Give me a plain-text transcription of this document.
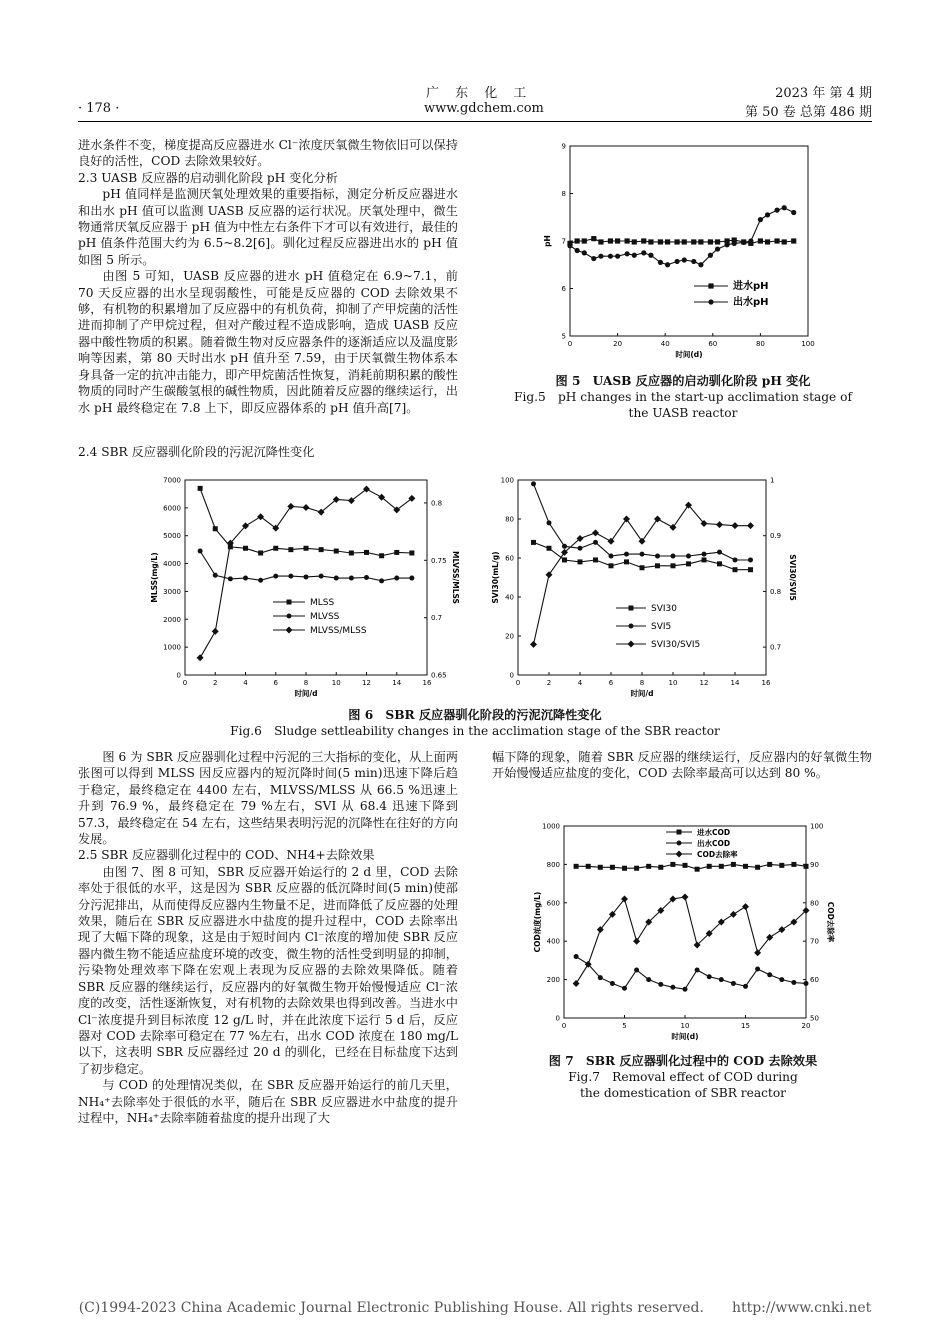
广 东 化 工	2023 年 第 4 期
· 178 ·	www.gdchem.com	第 50 卷 总第 486 期

进水条件不变，梯度提高反应器进水 Cl⁻浓度厌氧微生物依旧可以保持良好的活性，COD 去除效果较好。

2.3 UASB 反应器的启动驯化阶段 pH 变化分析

pH 值同样是监测厌氧处理效果的重要指标，测定分析反应器进水和出水 pH 值可以监测 UASB 反应器的运行状况。厌氧处理中，微生物通常厌氧反应器于 pH 值为中性左右条件下才可以有效进行，最佳的 pH 值条件范围大约为 6.5~8.2[6]。驯化过程反应器进出水的 pH 值如图 5 所示。

由图 5 可知，UASB 反应器的进水 pH 值稳定在 6.9~7.1，前 70 天反应器的出水呈现弱酸性，可能是反应器的 COD 去除效果不够，有机物的积累增加了反应器中的有机负荷，抑制了产甲烷菌的活性进而抑制了产甲烷过程，但对产酸过程不造成影响，造成 UASB 反应器中酸性物质的积累。随着微生物对反应器条件的逐渐适应以及温度影响等因素，第 80 天时出水 pH 值升至 7.59，由于厌氧微生物体系本身具备一定的抗冲击能力，即产甲烷菌活性恢复，消耗前期积累的酸性物质的同时产生碳酸氢根的碱性物质，因此随着反应器的继续运行，出水 pH 最终稳定在 7.8 上下，即反应器体系的 pH 值升高[7]。

0	20	40	60	80	100
5
6
7
8
9
时间(d)
pH
进水pH
出水pH
图 5　UASB 反应器的启动驯化阶段 pH 变化
Fig.5　pH changes in the start-up acclimation stage of
the UASB reactor
2.4 SBR 反应器驯化阶段的污泥沉降性变化
0	2	4	6	8	10	12	14	16
0
1000
2000
3000
4000
5000
6000
7000
0.65
0.7
0.75
0.8
时间/d
MLSS(mg/L)	MLVSS/MLSS
MLSS
MLVSS
MLVSS/MLSS
0	2	4	6	8	10	12	14	16
0
20
40
60
80
100
0.7
0.8
0.9
1
时间/d
SVI30(mL/g)	SVI30/SVI5
SVI30
SVI5
SVI30/SVI5
图 6　SBR 反应器驯化阶段的污泥沉降性变化
Fig.6　Sludge settleability changes in the acclimation stage of the SBR reactor

图 6 为 SBR 反应器驯化过程中污泥的三大指标的变化，从上面两张图可以得到 MLSS 因反应器内的短沉降时间(5 min)迅速下降后趋于稳定，最终稳定在 4400 左右，MLVSS/MLSS 从 66.5 %迅速上升到 76.9 %，最终稳定在 79 %左右，SVI 从 68.4 迅速下降到 57.3，最终稳定在 54 左右，这些结果表明污泥的沉降性在往好的方向发展。

2.5 SBR 反应器驯化过程中的 COD、NH4+去除效果

由图 7、图 8 可知，SBR 反应器开始运行的 2 d 里，COD 去除率处于很低的水平，这是因为 SBR 反应器的低沉降时间(5 min)使部分污泥排出，从而使得反应器内生物量不足，进而降低了反应器的处理效果，随后在 SBR 反应器进水中盐度的提升过程中，COD 去除率出现了大幅下降的现象，这是由于短时间内 Cl⁻浓度的增加使 SBR 反应器内微生物不能适应盐度环境的改变，微生物的活性受到明显的抑制，污染物处理效率下降在宏观上表现为反应器的去除效果降低。随着 SBR 反应器的继续运行，反应器内的好氧微生物开始慢慢适应 Cl⁻浓度的改变，活性逐渐恢复，对有机物的去除效果也得到改善。当进水中 Cl⁻浓度提升到目标浓度 12 g/L 时，并在此浓度下运行 5 d 后，反应器对 COD 去除率可稳定在 77 %左右，出水 COD 浓度在 180 mg/L 以下，这表明 SBR 反应器经过 20 d 的驯化，已经在目标盐度下达到了初步稳定。

与 COD 的处理情况类似，在 SBR 反应器开始运行的前几天里，NH₄⁺去除率处于很低的水平，随后在 SBR 反应器进水中盐度的提升过程中，NH₄⁺去除率随着盐度的提升出现了大

幅下降的现象，随着 SBR 反应器的继续运行，反应器内的好氧微生物开始慢慢适应盐度的变化，COD 去除率最高可以达到 80 %。

0	5	10	15	20
0
200
400
600
800
1000
50
60
70
80
90
100
时间(d)
COD浓度(mg/L)	COD去除率
进水COD
出水COD
COD去除率
图 7　SBR 反应器驯化过程中的 COD 去除效果
Fig.7　Removal effect of COD during
the domestication of SBR reactor
(C)1994-2023 China Academic Journal Electronic Publishing House. All rights reserved.　　http://www.cnki.net
